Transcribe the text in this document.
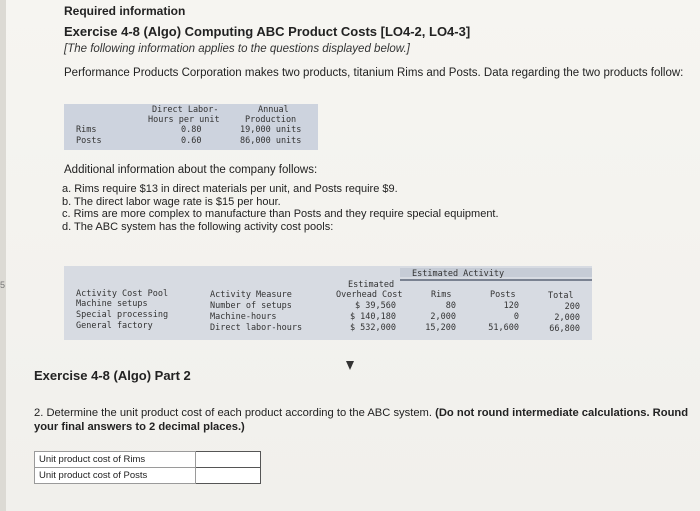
5
Required information
Exercise 4-8 (Algo) Computing ABC Product Costs [LO4-2, LO4-3]
[The following information applies to the questions displayed below.]
Performance Products Corporation makes two products, titanium Rims and Posts. Data regarding the two products follow:
Direct Labor-
Hours per unit
Annual
Production
Rims	0.80	19,000 units
Posts	0.60	86,000 units
Additional information about the company follows:
a. Rims require $13 in direct materials per unit, and Posts require $9.
b. The direct labor wage rate is $15 per hour.
c. Rims are more complex to manufacture than Posts and they require special equipment.
d. The ABC system has the following activity cost pools:
Estimated Activity
Estimated
Activity Cost Pool	Activity Measure	Overhead Cost	Rims	Posts	Total
Machine setups	Number of setups	$ 39,560	80	120	200
Special processing	Machine-hours	$ 140,180	2,000	0	2,000
General factory	Direct labor-hours	$ 532,000	15,200	51,600	66,800
Exercise 4-8 (Algo) Part 2
2. Determine the unit product cost of each product according to the ABC system. (Do not round intermediate calculations. Round your final answers to 2 decimal places.)
Unit product cost of Rims	
Unit product cost of Posts	
